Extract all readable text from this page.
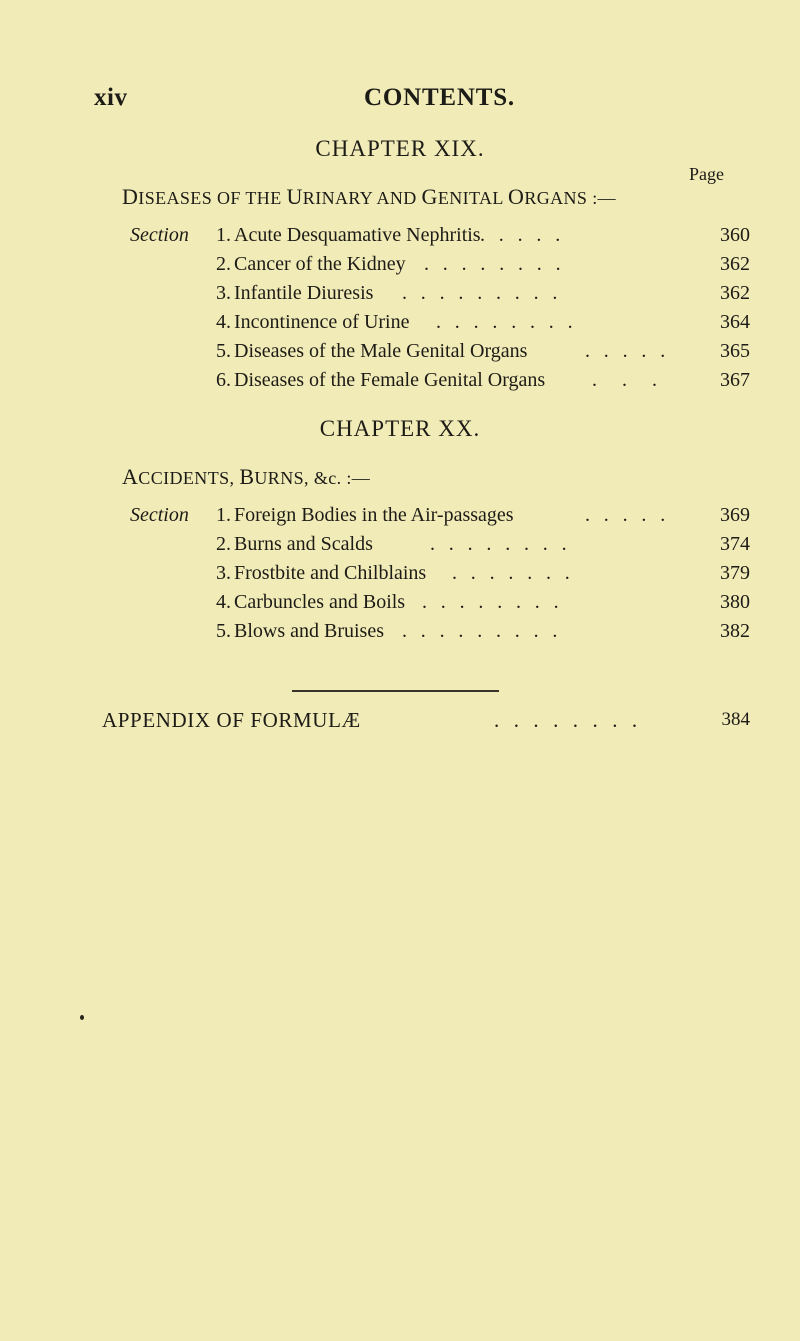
xiv	CONTENTS.
CHAPTER XIX.
Page
DISEASES OF THE URINARY AND GENITAL ORGANS :—
Section	1. Acute Desquamative Nephritis . . . . .	360
2. Cancer of the Kidney . . . . . . . .	362
3. Infantile Diuresis . . . . . . . . .	362
4. Incontinence of Urine . . . . . . . .	364
5. Diseases of the Male Genital Organs	. . . . .	365
6. Diseases of the Female Genital Organs . . .	367
CHAPTER XX.
ACCIDENTS, BURNS, &c. :—
Section	1. Foreign Bodies in the Air-passages	. . . . .	369
2. Burns and Scalds	. . . . . . . .	374
3. Frostbite and Chilblains . . . . . . .	379
4. Carbuncles and Boils . . . . . . . .	380
5. Blows and Bruises . . . . . . . . .	382
APPENDIX OF FORMULÆ	. . . . . . . .	384
